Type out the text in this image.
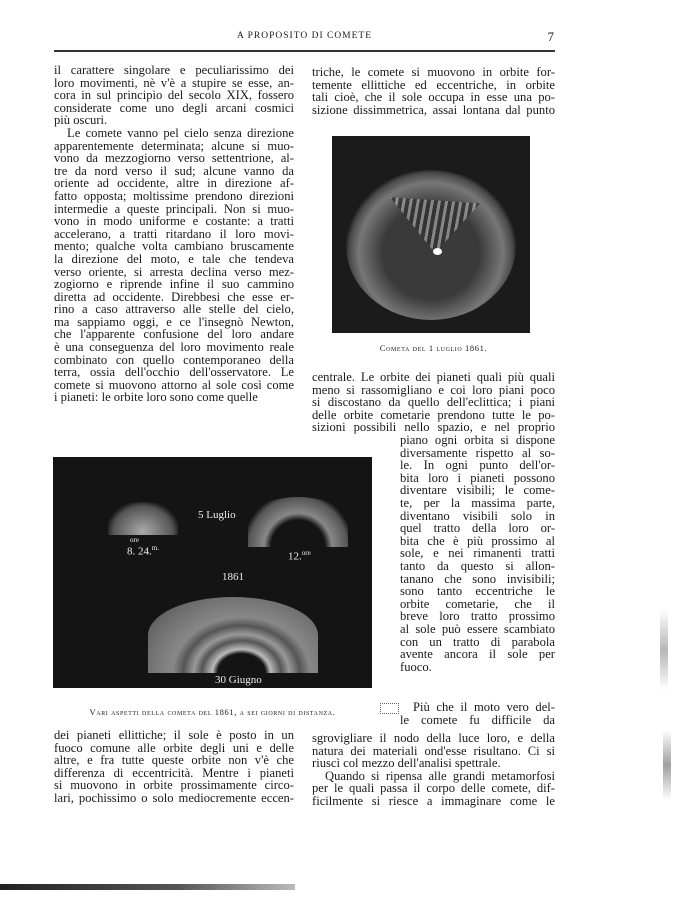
A PROPOSITO DI COMETE	7
il carattere singolare e peculiarissimo dei
loro movimenti, nè v'è a stupire se esse, an-
cora in sul principio del secolo XIX, fossero
considerate come uno degli arcani cosmici
più oscuri.
Le comete vanno pel cielo senza direzione
apparentemente determinata; alcune si muo-
vono da mezzogiorno verso settentrione, al-
tre da nord verso il sud; alcune vanno da
oriente ad occidente, altre in direzione af-
fatto opposta; moltissime prendono direzioni
intermedie a queste principali. Non si muo-
vono in modo uniforme e costante: a tratti
accelerano, a tratti ritardano il loro movi-
mento; qualche volta cambiano bruscamente
la direzione del moto, e tale che tendeva
verso oriente, si arresta declina verso mez-
zogiorno e riprende infine il suo cammino
diretta ad occidente. Direbbesi che esse er-
rino a caso attraverso alle stelle del cielo,
ma sappiamo oggi, e ce l'insegnò Newton,
che l'apparente confusione del loro andare
è una conseguenza del loro movimento reale
combinato con quello contemporaneo della
terra, ossia dell'occhio dell'osservatore. Le
comete si muovono attorno al sole così come
i pianeti: le orbite loro sono come quelle
triche, le comete si muovono in orbite for-
temente ellittiche ed eccentriche, in orbite
tali cioè, che il sole occupa in esse una po-
sizione dissimmetrica, assai lontana dal punto
Cometa del 1 luglio 1861.
centrale. Le orbite dei pianeti quali più quali
meno si rassomigliano e coi loro piani poco
si discostano da quello dell'eclittica; i piani
delle orbite cometarie prendono tutte le po-
sizioni possibili nello spazio, e nel proprio
5 Luglio
8. 24.$^{m.}$
ore
12.$^{ore}$
1861
30 Giugno
Vari aspetti della cometa del 1861, a sei giorni di distanza.
piano ogni orbita si dispone
diversamente rispetto al so-
le. In ogni punto dell'or-
bita loro i pianeti possono
diventare visibili; le come-
te, per la massima parte,
diventano visibili solo in
quel tratto della loro or-
bita che è più prossimo al
sole, e nei rimanenti tratti
tanto da questo si allon-
tanano che sono invisibili;
sono tanto eccentriche le
orbite cometarie, che il
breve loro tratto prossimo
al sole può essere scambiato
con un tratto di parabola
avente ancora il sole per
fuoco.
Più che il moto vero del-
le comete fu difficile da
sgrovigliare il nodo della luce loro, e della
natura dei materiali ond'esse risultano. Ci si
riuscì col mezzo dell'analisi spettrale.
Quando si ripensa alle grandi metamorfosi
per le quali passa il corpo delle comete, dif-
ficilmente si riesce a immaginare come le
dei pianeti ellittiche; il sole è posto in un
fuoco comune alle orbite degli uni e delle
altre, e fra tutte queste orbite non v'è che
differenza di eccentricità. Mentre i pianeti
si muovono in orbite prossimamente circo-
lari, pochissimo o solo mediocremente eccen-
